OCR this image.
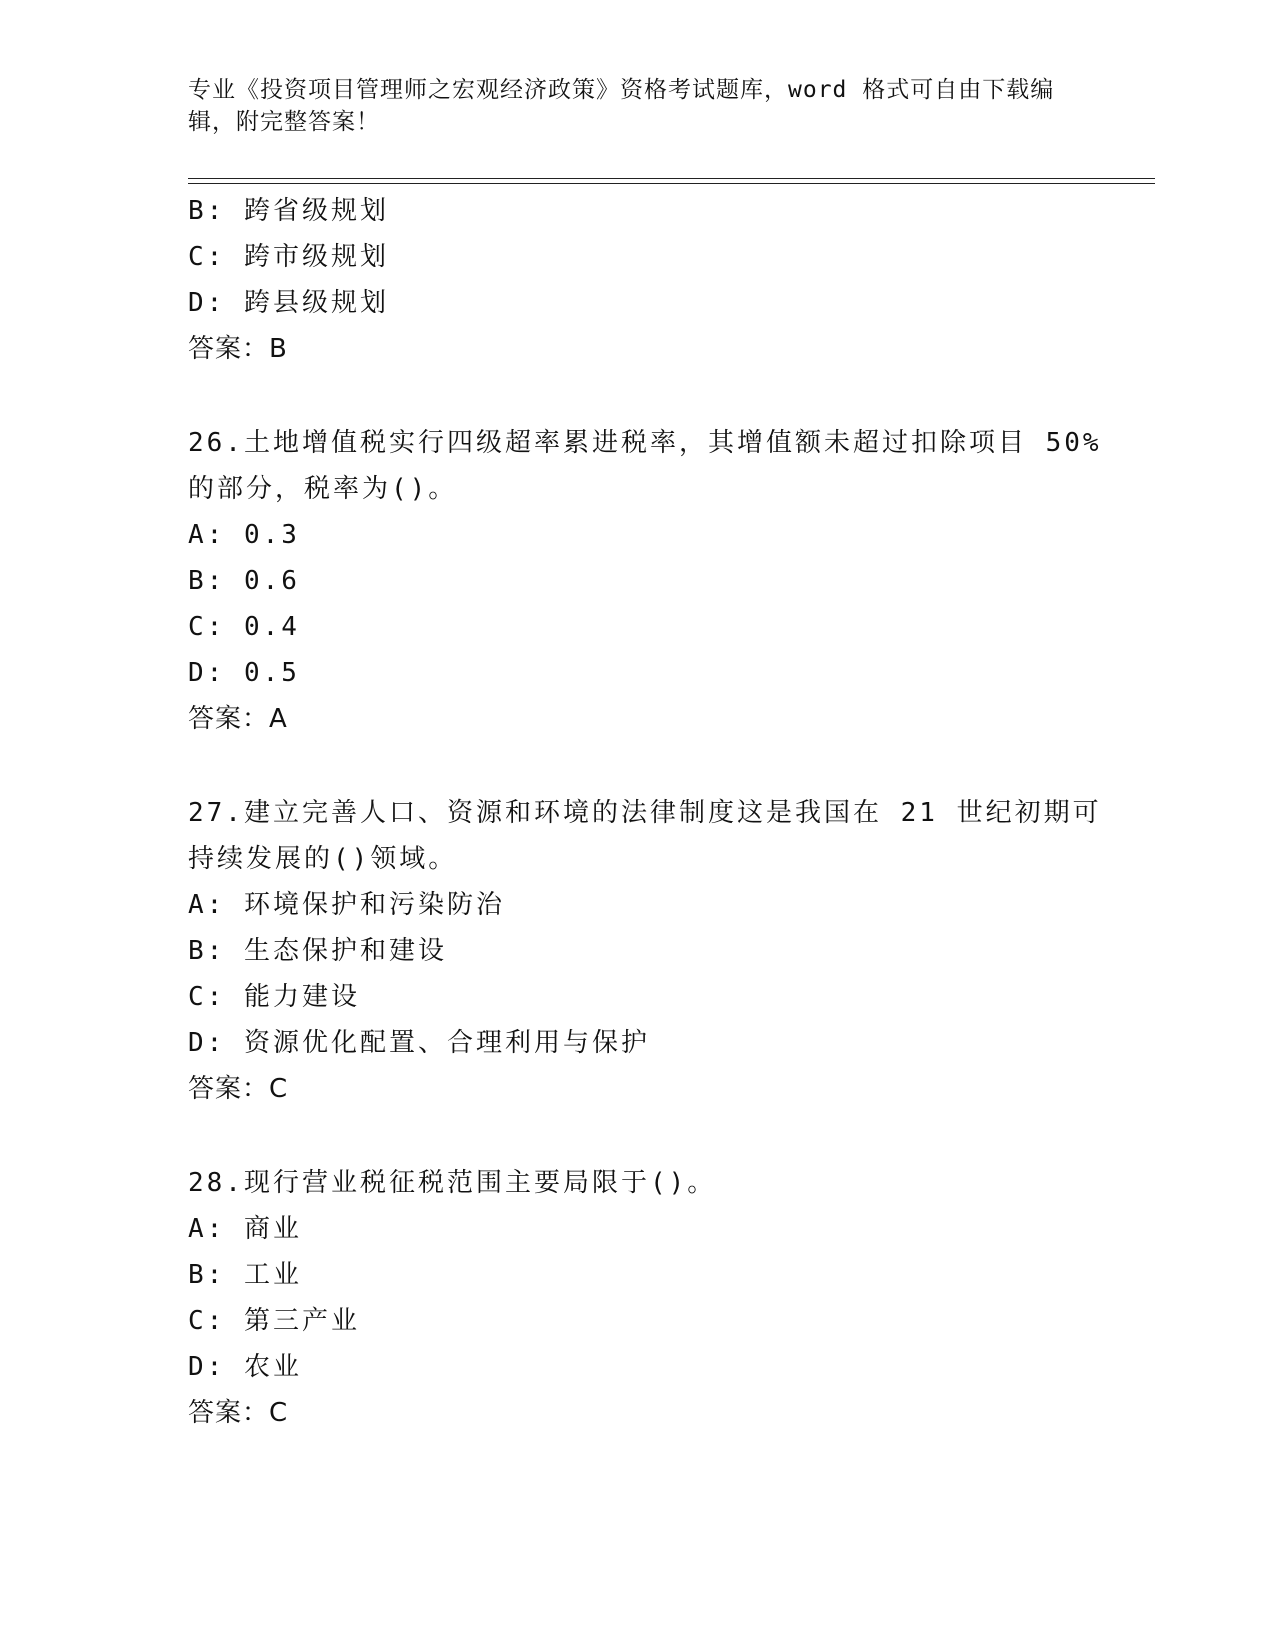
专业《投资项目管理师之宏观经济政策》资格考试题库，word 格式可自由下载编
辑，附完整答案！
B: 跨省级规划
C: 跨市级规划
D: 跨县级规划
答案：B
26.土地增值税实行四级超率累进税率，其增值额未超过扣除项目 50%
的部分，税率为()。
A: 0.3
B: 0.6
C: 0.4
D: 0.5
答案：A
27.建立完善人口、资源和环境的法律制度这是我国在 21 世纪初期可
持续发展的()领域。
A: 环境保护和污染防治
B: 生态保护和建设
C: 能力建设
D: 资源优化配置、合理利用与保护
答案：C
28.现行营业税征税范围主要局限于()。
A: 商业
B: 工业
C: 第三产业
D: 农业
答案：C
